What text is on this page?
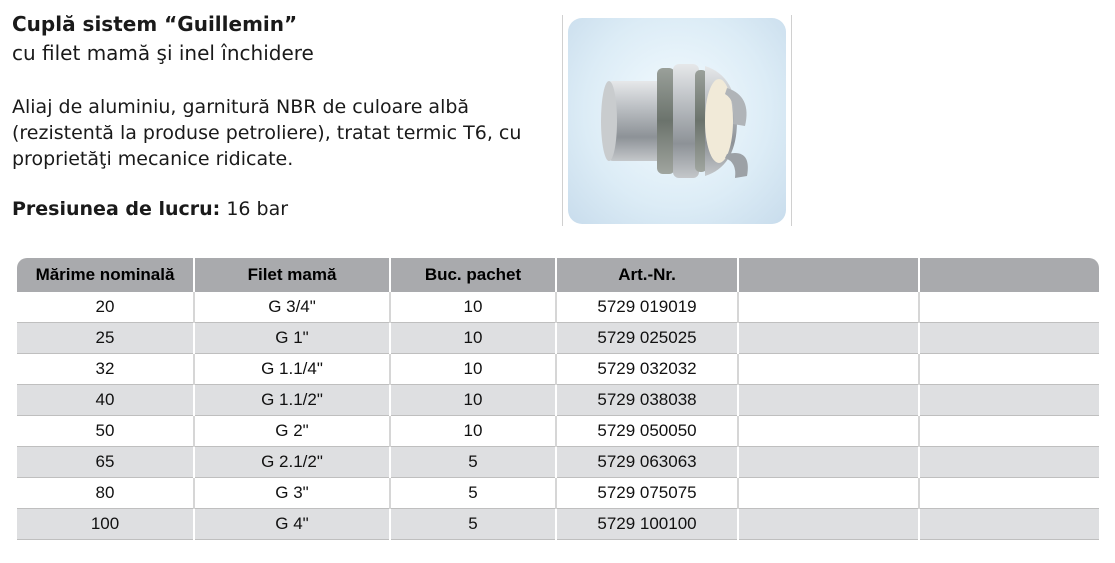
Cuplă sistem “Guillemin”
cu filet mamă şi inel închidere
Aliaj de aluminiu, garnitură NBR de culoare albă (rezistentă la produse petroliere), tratat termic T6, cu proprietăţi mecanice ridicate.
Presiunea de lucru: 16 bar
Mărime nominală	Filet mamă	Buc. pachet	Art.-Nr.		
20	G 3/4"	10	5729 019019		
25	G 1"	10	5729 025025		
32	G 1.1/4"	10	5729 032032		
40	G 1.1/2"	10	5729 038038		
50	G 2"	10	5729 050050		
65	G 2.1/2"	5	5729 063063		
80	G 3"	5	5729 075075		
100	G 4"	5	5729 100100		
